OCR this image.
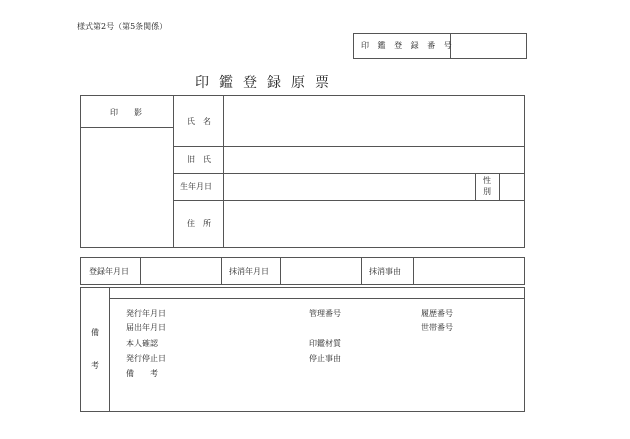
様式第2号（第5条関係）
印 鑑 登 録 番 号
印鑑登録原票
印　　影
氏　名
旧　氏
生年月日
性
別
住　所
登録年月日	抹消年月日	抹消事由
備
考
発行年月日
届出年月日
本人確認
発行停止日
備　　考
管理番号
印鑑材質
停止事由
履歴番号
世帯番号
